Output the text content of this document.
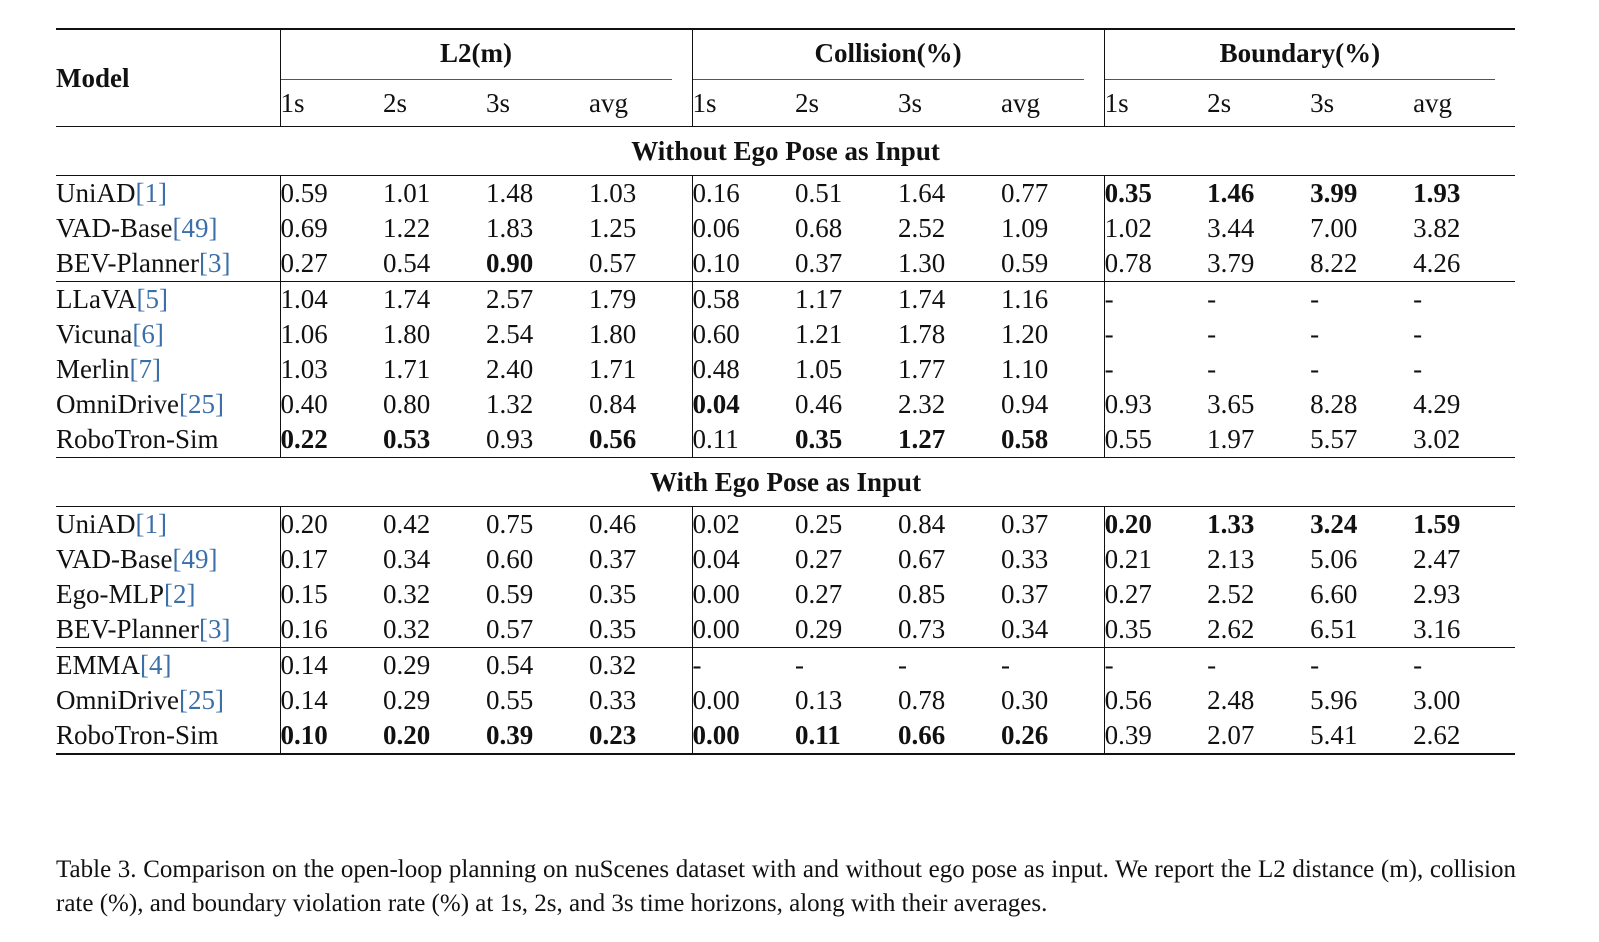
Model	L2(m)				Collision(%)				Boundary(%)			

	1s	2s	3s	avg	1s	2s	3s	avg	1s	2s	3s	avg
Without Ego Pose as Input												
UniAD[1]	0.59	1.01	1.48	1.03	0.16	0.51	1.64	0.77	0.35	1.46	3.99	1.93
VAD-Base[49]	0.69	1.22	1.83	1.25	0.06	0.68	2.52	1.09	1.02	3.44	7.00	3.82
BEV-Planner[3]	0.27	0.54	0.90	0.57	0.10	0.37	1.30	0.59	0.78	3.79	8.22	4.26
LLaVA[5]	1.04	1.74	2.57	1.79	0.58	1.17	1.74	1.16	-	-	-	-
Vicuna[6]	1.06	1.80	2.54	1.80	0.60	1.21	1.78	1.20	-	-	-	-
Merlin[7]	1.03	1.71	2.40	1.71	0.48	1.05	1.77	1.10	-	-	-	-
OmniDrive[25]	0.40	0.80	1.32	0.84	0.04	0.46	2.32	0.94	0.93	3.65	8.28	4.29
RoboTron-Sim	0.22	0.53	0.93	0.56	0.11	0.35	1.27	0.58	0.55	1.97	5.57	3.02
With Ego Pose as Input												
UniAD[1]	0.20	0.42	0.75	0.46	0.02	0.25	0.84	0.37	0.20	1.33	3.24	1.59
VAD-Base[49]	0.17	0.34	0.60	0.37	0.04	0.27	0.67	0.33	0.21	2.13	5.06	2.47
Ego-MLP[2]	0.15	0.32	0.59	0.35	0.00	0.27	0.85	0.37	0.27	2.52	6.60	2.93
BEV-Planner[3]	0.16	0.32	0.57	0.35	0.00	0.29	0.73	0.34	0.35	2.62	6.51	3.16
EMMA[4]	0.14	0.29	0.54	0.32	-	-	-	-	-	-	-	-
OmniDrive[25]	0.14	0.29	0.55	0.33	0.00	0.13	0.78	0.30	0.56	2.48	5.96	3.00
RoboTron-Sim	0.10	0.20	0.39	0.23	0.00	0.11	0.66	0.26	0.39	2.07	5.41	2.62

Table 3. Comparison on the open-loop planning on nuScenes dataset with and without ego pose as input. We report the L2 distance (m), collision rate (%), and boundary violation rate (%) at 1s, 2s, and 3s time horizons, along with their averages.
